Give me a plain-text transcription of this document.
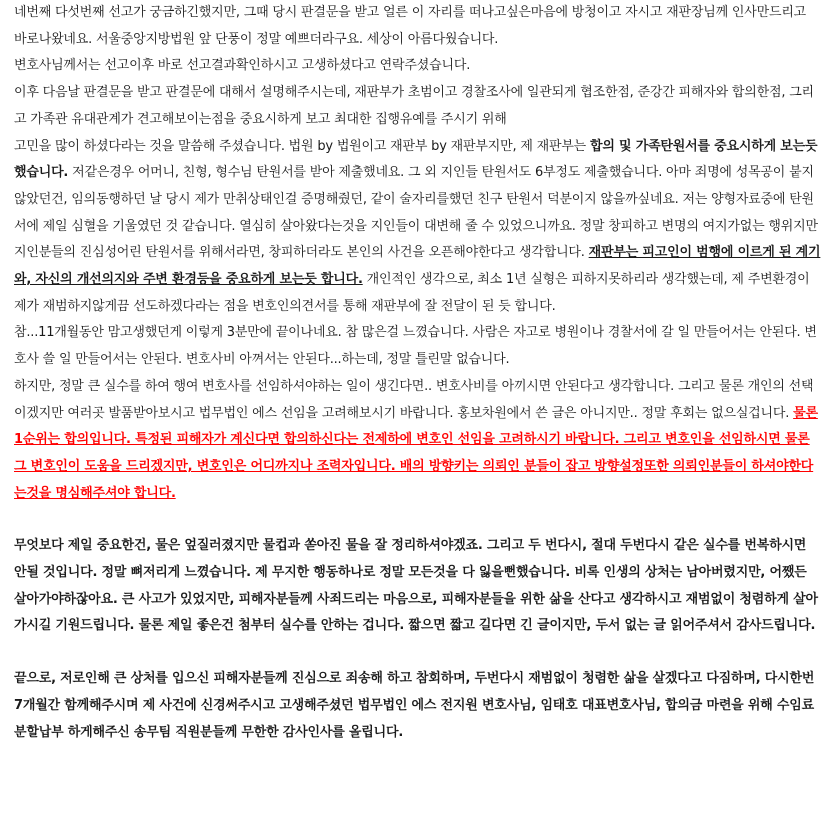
네번째 다섯번째 선고가 궁금하긴했지만, 그때 당시 판결문을 받고 얼른 이 자리를 떠나고싶은마음에 방청이고 자시고 재판장님께 인사만드리고 바로나왔네요. 서울중앙지방법원 앞 단풍이 정말 예쁘더라구요. 세상이 아름다웠습니다.

변호사님께서는 선고이후 바로 선고결과확인하시고 고생하셨다고 연락주셨습니다.

이후 다음날 판결문을 받고 판결문에 대해서 설명해주시는데, 재판부가 초범이고 경찰조사에 일관되게 협조한점, 준강간 피해자와 합의한점, 그리고 가족관 유대관계가 견고해보이는점을 중요시하게 보고 최대한 집행유예를 주시기 위해

고민을 많이 하셨다라는 것을 말씀해 주셨습니다. 법원 by 법원이고 재판부 by 재판부지만, 제 재판부는 합의 및 가족탄원서를 중요시하게 보는듯 했습니다. 저같은경우 어머니, 친형, 형수님 탄원서를 받아 제출했네요. 그 외 지인들 탄원서도 6부정도 제출했습니다. 아마 죄명에 성목공이 붙지않았던건, 임의동행하던 날 당시 제가 만취상태인걸 증명해줬던, 같이 술자리를했던 친구 탄원서 덕분이지 않을까싶네요. 저는 양형자료중에 탄원서에 제일 심혈을 기울였던 것 같습니다. 열심히 살아왔다는것을 지인들이 대변해 줄 수 있었으니까요. 정말 창피하고 변명의 여지가없는 행위지만 지인분들의 진심성어린 탄원서를 위해서라면, 창피하더라도 본인의 사건을 오픈해야한다고 생각합니다. 재판부는 피고인이 범행에 이르게 된 계기와, 자신의 개선의지와 주변 환경등을 중요하게 보는듯 합니다. 개인적인 생각으로, 최소 1년 실형은 피하지못하리라 생각했는데, 제 주변환경이 제가 재범하지않게끔 선도하겠다라는 점을 변호인의견서를 통해 재판부에 잘 전달이 된 듯 합니다.

참...11개월동안 맘고생했던게 이렇게 3분만에 끝이나네요. 참 많은걸 느꼈습니다. 사람은 자고로 병원이나 경찰서에 갈 일 만들어서는 안된다. 변호사 쓸 일 만들어서는 안된다. 변호사비 아껴서는 안된다...하는데, 정말 틀린말 없습니다.

하지만, 정말 큰 실수를 하여 행여 변호사를 선임하셔야하는 일이 생긴다면.. 변호사비를 아끼시면 안된다고 생각합니다. 그리고 물론 개인의 선택이겠지만 여러곳 발품받아보시고 법무법인 에스 선임을 고려해보시기 바랍니다. 홍보차원에서 쓴 글은 아니지만.. 정말 후회는 없으실겁니다. 물론 1순위는 합의입니다. 특정된 피해자가 계신다면 합의하신다는 전제하에 변호인 선임을 고려하시기 바랍니다. 그리고 변호인을 선임하시면 물론 그 변호인이 도움을 드리겠지만, 변호인은 어디까지나 조력자입니다. 배의 방향키는 의뢰인 분들이 잡고 방향설정또한 의뢰인분들이 하셔야한다는것을 명심해주셔야 합니다.

무엇보다 제일 중요한건, 물은 엎질러졌지만 물컵과 쏟아진 물을 잘 정리하셔야겠죠. 그리고 두 번다시, 절대 두번다시 같은 실수를 번복하시면 안될 것입니다. 정말 뼈저리게 느꼈습니다. 제 무지한 행동하나로 정말 모든것을 다 잃을뻔했습니다. 비록 인생의 상처는 남아버렸지만, 어쨌든 살아가야하잖아요. 큰 사고가 있었지만, 피해자분들께 사죄드리는 마음으로, 피해자분들을 위한 삶을 산다고 생각하시고 재범없이 청렴하게 살아가시길 기원드립니다. 물론 제일 좋은건 첨부터 실수를 안하는 겁니다. 짧으면 짧고 길다면 긴 글이지만, 두서 없는 글 읽어주셔서 감사드립니다.

끝으로, 저로인해 큰 상처를 입으신 피해자분들께 진심으로 죄송해 하고 참회하며, 두번다시 재범없이 청렴한 삶을 살겠다고 다짐하며, 다시한번 7개월간 함께해주시며 제 사건에 신경써주시고 고생해주셨던 법무법인 에스 전지원 변호사님, 임태호 대표변호사님, 합의금 마련을 위해 수임료 분할납부 하게해주신 송무팀 직원분들께 무한한 감사인사를 올립니다.
